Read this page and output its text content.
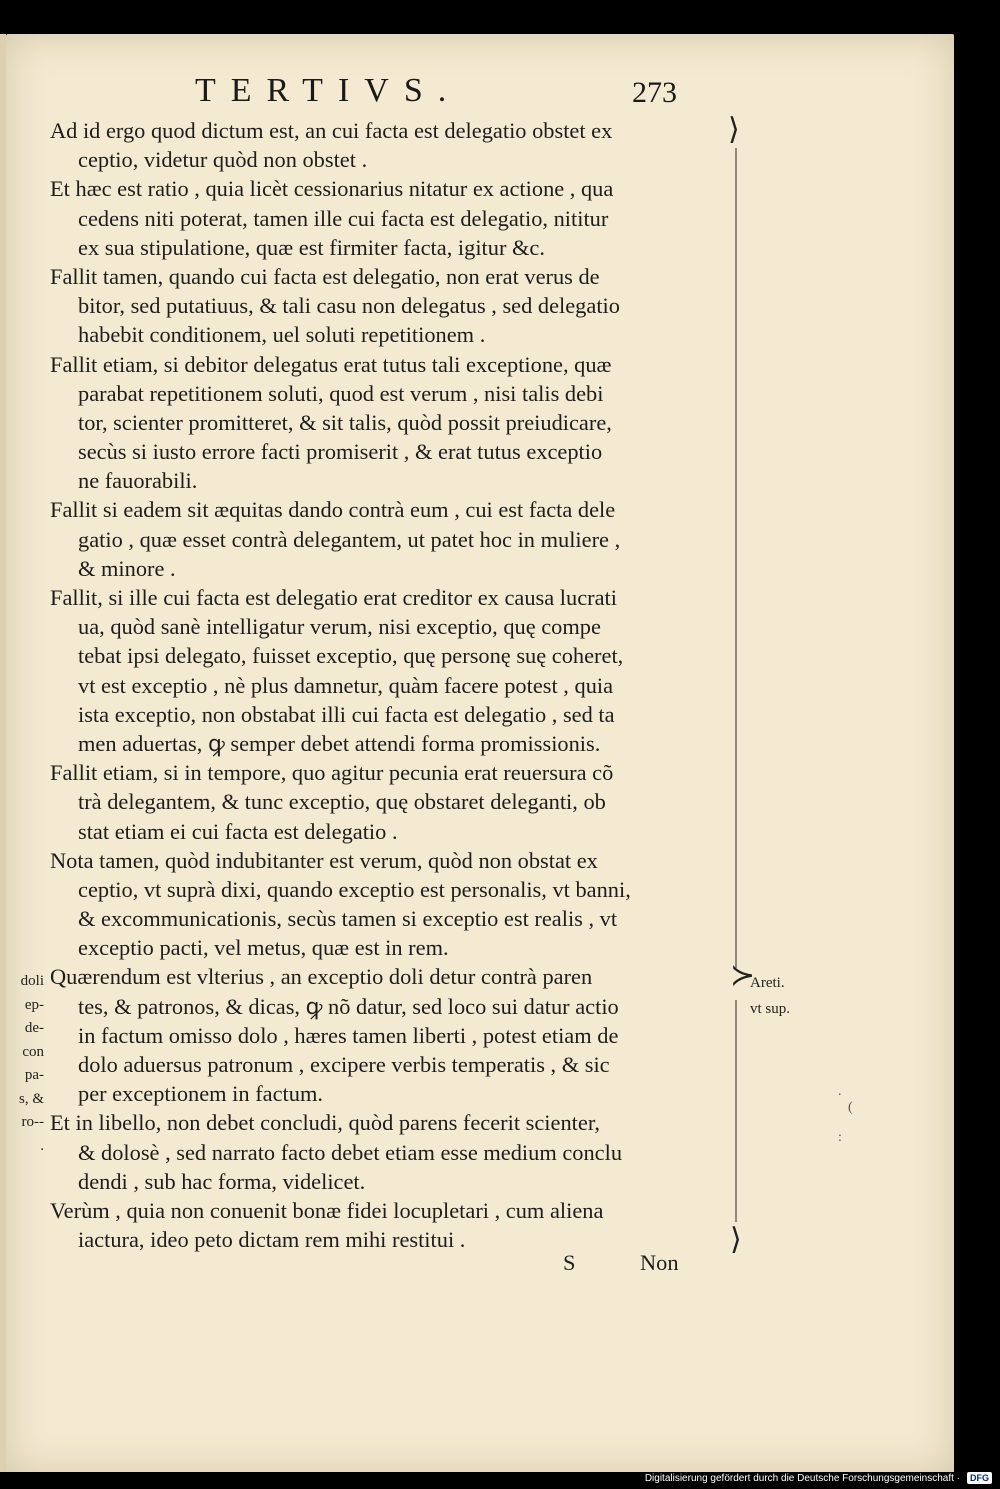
TERTIVS.	273
Ad id ergo quod dictum est, an cui facta est delegatio obstet ex
ceptio, videtur quòd non obstet .
Et hæc est ratio , quia licèt cessionarius nitatur ex actione , qua
cedens niti poterat, tamen ille cui facta est delegatio, nititur
ex sua stipulatione, quæ est firmiter facta, igitur &c.
Fallit tamen, quando cui facta est delegatio, non erat verus de
bitor, sed putatiuus, & tali casu non delegatus , sed delegatio
habebit conditionem, uel soluti repetitionem .
Fallit etiam, si debitor delegatus erat tutus tali exceptione, quæ
parabat repetitionem soluti, quod est verum , nisi talis debi
tor, scienter promitteret, & sit talis, quòd possit preiudicare,
secùs si iusto errore facti promiserit , & erat tutus exceptio
ne fauorabili.
Fallit si eadem sit æquitas dando contrà eum , cui est facta dele
gatio , quæ esset contrà delegantem, ut patet hoc in muliere ,
& minore .
Fallit, si ille cui facta est delegatio erat creditor ex causa lucrati
ua, quòd sanè intelligatur verum, nisi exceptio, quę compe
tebat ipsi delegato, fuisset exceptio, quę personę suę coheret,
vt est exceptio , nè plus damnetur, quàm facere potest , quia
ista exceptio, non obstabat illi cui facta est delegatio , sed ta
men aduertas, ꝙ semper debet attendi forma promissionis.
Fallit etiam, si in tempore, quo agitur pecunia erat reuersura cõ
trà delegantem, & tunc exceptio, quę obstaret deleganti, ob
stat etiam ei cui facta est delegatio .
Nota tamen, quòd indubitanter est verum, quòd non obstat ex
ceptio, vt suprà dixi, quando exceptio est personalis, vt banni,
& excommunicationis, secùs tamen si exceptio est realis , vt
exceptio pacti, vel metus, quæ est in rem.
Quærendum est vlterius , an exceptio doli detur contrà paren
tes, & patronos, & dicas, ꝙ nõ datur, sed loco sui datur actio
in factum omisso dolo , hæres tamen liberti , potest etiam de
dolo aduersus patronum , excipere verbis temperatis , & sic
per exceptionem in factum.
Et in libello, non debet concludi, quòd parens fecerit scienter,
& dolosè , sed narrato facto debet etiam esse medium conclu
dendi , sub hac forma, videlicet.
Verùm , quia non conuenit bonæ fidei locupletari , cum aliena
iactura, ideo peto dictam rem mihi restitui .
⟩
≻
⟩
Areti.
vt sup.
doli
ep-
de-
con
pa-
s, &
ro--
.
.
(
:
S	Non
Digitalisierung gefördert durch die Deutsche Forschungsgemeinschaft ·	DFG
